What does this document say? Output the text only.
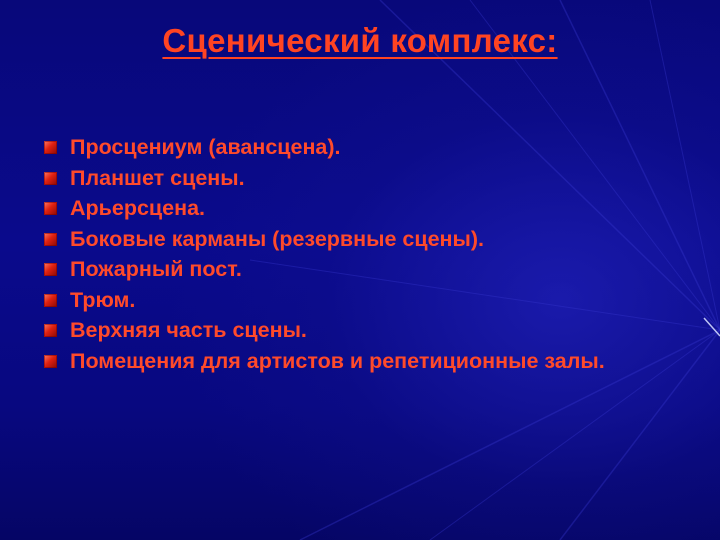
Сценический комплекс:
Просцениум (авансцена).
Планшет сцены.
Арьерсцена.
Боковые карманы (резервные сцены).
Пожарный пост.
Трюм.
Верхняя часть сцены.
Помещения для артистов и репетиционные залы.
